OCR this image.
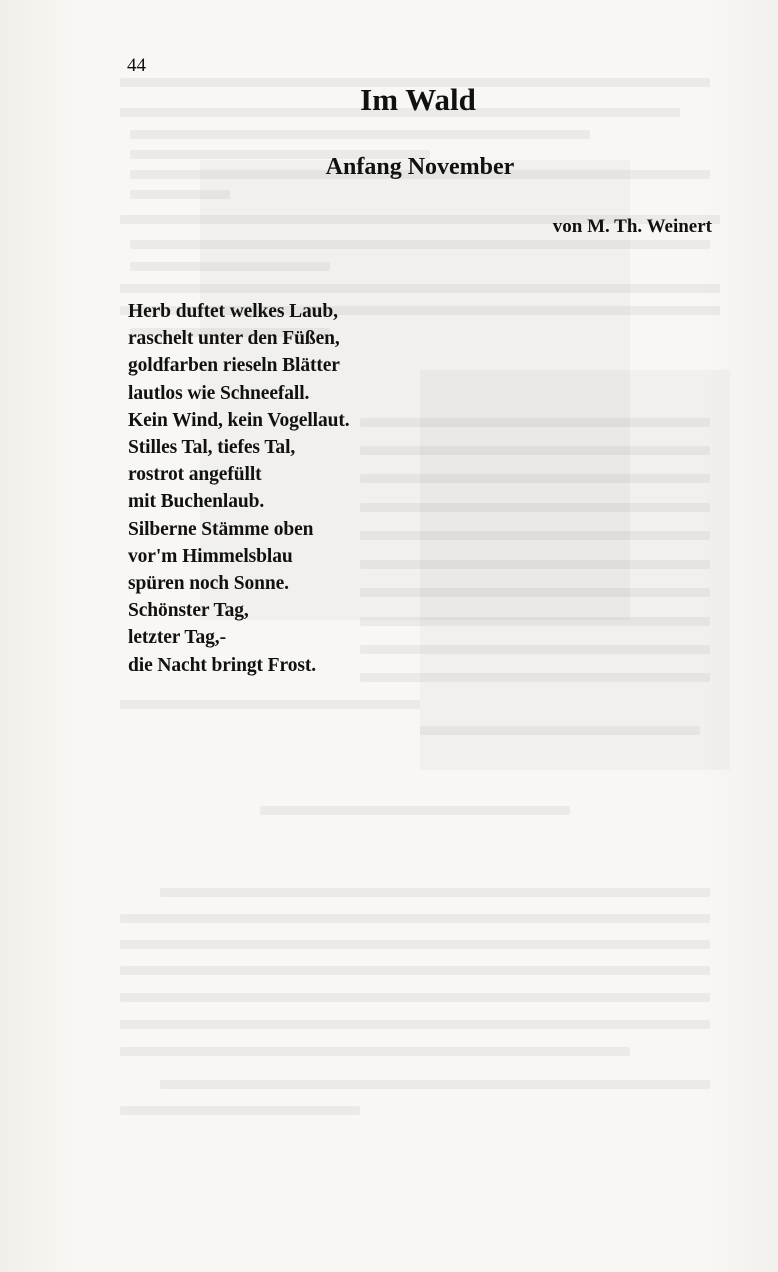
44
Im Wald
Anfang November
von M. Th. Weinert
Herb duftet welkes Laub,
raschelt unter den Füßen,
goldfarben rieseln Blätter
lautlos wie Schneefall.
Kein Wind, kein Vogellaut.
Stilles Tal, tiefes Tal,
rostrot angefüllt
mit Buchenlaub.
Silberne Stämme oben
vor'm Himmelsblau
spüren noch Sonne.
Schönster Tag,
letzter Tag,-
die Nacht bringt Frost.
